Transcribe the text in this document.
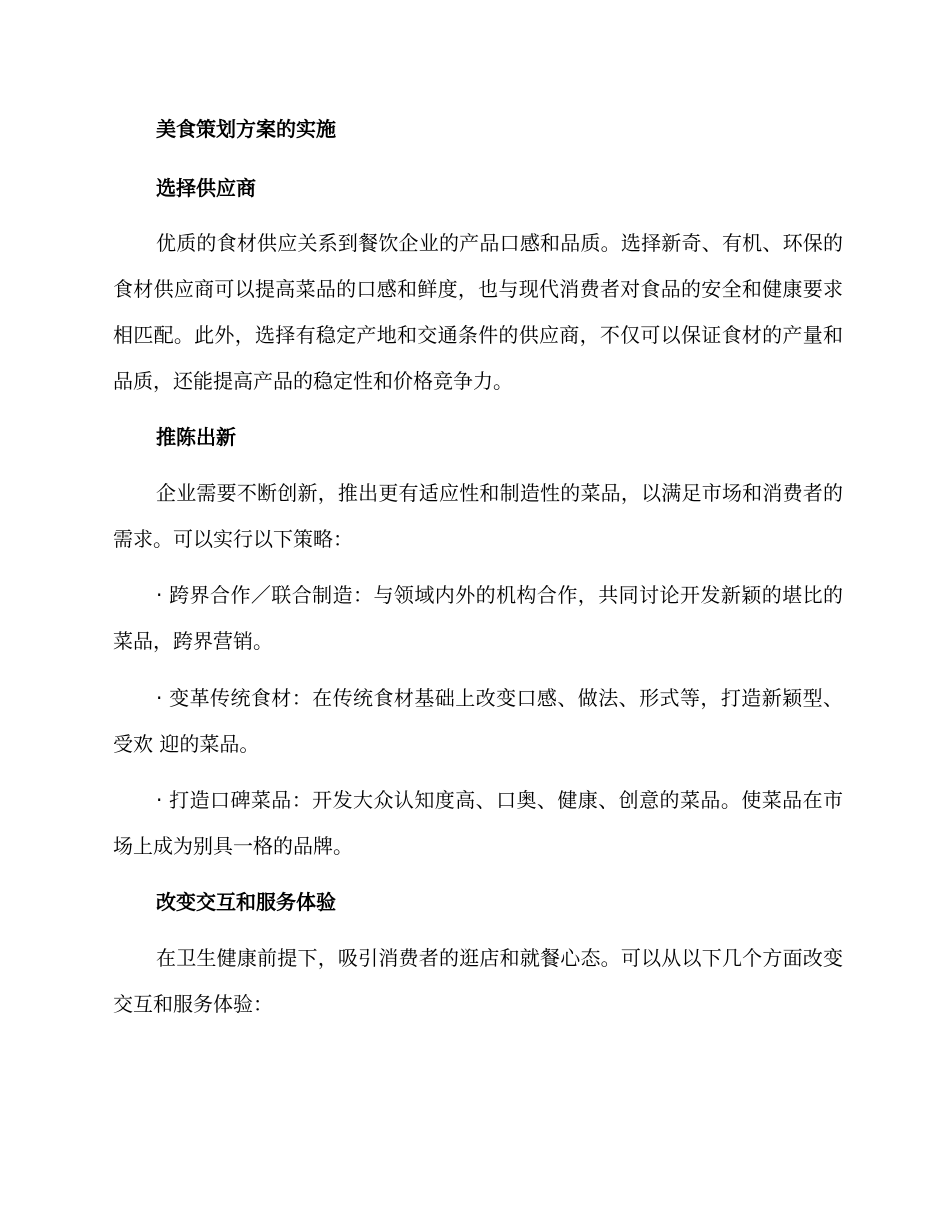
美食策划方案的实施
选择供应商

优质的食材供应关系到餐饮企业的产品口感和品质。选择新奇、有机、环保的食材供应商可以提高菜品的口感和鲜度，也与现代消费者对食品的安全和健康要求相匹配。此外，选择有稳定产地和交通条件的供应商，不仅可以保证食材的产量和品质，还能提高产品的稳定性和价格竞争力。

推陈出新

企业需要不断创新，推出更有适应性和制造性的菜品，以满足市场和消费者的需求。可以实行以下策略：

· 跨界合作／联合制造：与领域内外的机构合作，共同讨论开发新颖的堪比的菜品，跨界营销。

· 变革传统食材：在传统食材基础上改变口感、做法、形式等，打造新颖型、受欢 迎的菜品。

· 打造口碑菜品：开发大众认知度高、口奥、健康、创意的菜品。使菜品在市场上成为别具一格的品牌。

改变交互和服务体验

在卫生健康前提下，吸引消费者的逛店和就餐心态。可以从以下几个方面改变交互和服务体验：
